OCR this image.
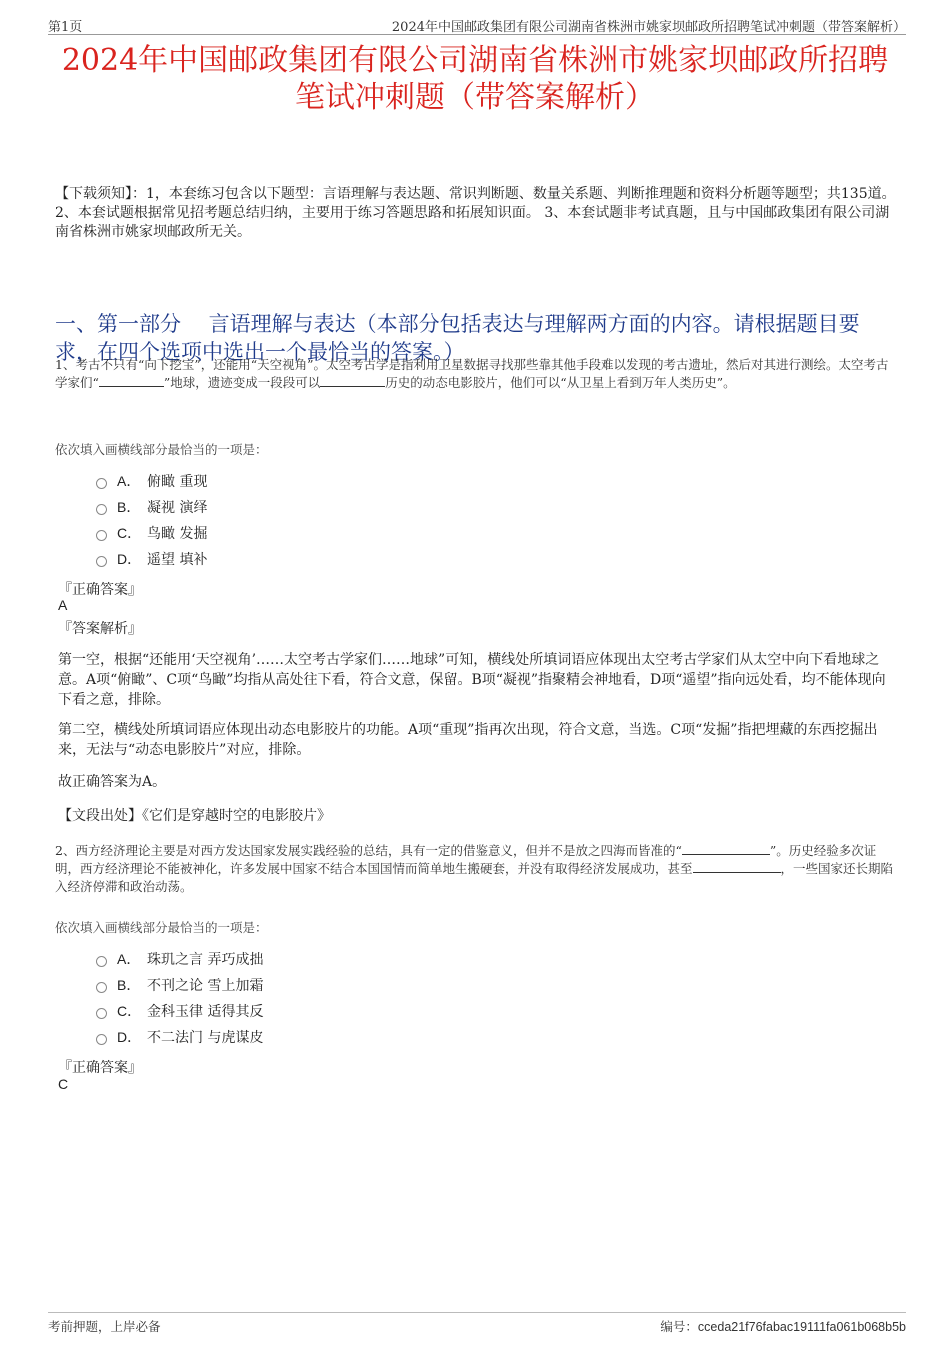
第1页	2024年中国邮政集团有限公司湖南省株洲市姚家坝邮政所招聘笔试冲刺题（带答案解析）
2024年中国邮政集团有限公司湖南省株洲市姚家坝邮政所招聘
笔试冲刺题（带答案解析）
【下载须知】：1，本套练习包含以下题型：言语理解与表达题、常识判断题、数量关系题、判断推理题和资料分析题等题型；共135道。 2、本套试题根据常见招考题总结归纳，主要用于练习答题思路和拓展知识面。 3、本套试题非考试真题，且与中国邮政集团有限公司湖南省株洲市姚家坝邮政所无关。
一、第一部分　 言语理解与表达（本部分包括表达与理解两方面的内容。请根据题目要求，在四个选项中选出一个最恰当的答案。）
1、考古不只有“向下挖宝”，还能用“天空视角”。太空考古学是指利用卫星数据寻找那些靠其他手段难以发现的考古遗址，然后对其进行测绘。太空考古学家们“	”地球，遗迹变成一段段可以	历史的动态电影胶片，他们可以“从卫星上看到万年人类历史”。
依次填入画横线部分最恰当的一项是：
A． 俯瞰 重现
B． 凝视 演绎
C． 鸟瞰 发掘
D． 遥望 填补
『正确答案』
A
『答案解析』
第一空，根据“还能用‘天空视角’……太空考古学家们……地球”可知，横线处所填词语应体现出太空考古学家们从太空中向下看地球之意。A项“俯瞰”、C项“鸟瞰”均指从高处往下看，符合文意，保留。B项“凝视”指聚精会神地看，D项“遥望”指向远处看，均不能体现向下看之意，排除。
第二空，横线处所填词语应体现出动态电影胶片的功能。A项“重现”指再次出现，符合文意，当选。C项“发掘”指把埋藏的东西挖掘出来，无法与“动态电影胶片”对应，排除。
故正确答案为A。
【文段出处】《它们是穿越时空的电影胶片》
2、西方经济理论主要是对西方发达国家发展实践经验的总结，具有一定的借鉴意义，但并不是放之四海而皆准的“	”。历史经验多次证明，西方经济理论不能被神化，许多发展中国家不结合本国国情而简单地生搬硬套，并没有取得经济发展成功，甚至	，一些国家还长期陷入经济停滞和政治动荡。
依次填入画横线部分最恰当的一项是：
A． 珠玑之言 弄巧成拙
B． 不刊之论 雪上加霜
C． 金科玉律 适得其反
D． 不二法门 与虎谋皮
『正确答案』
C
考前押题，上岸必备	编号：cceda21f76fabac19111fa061b068b5b
